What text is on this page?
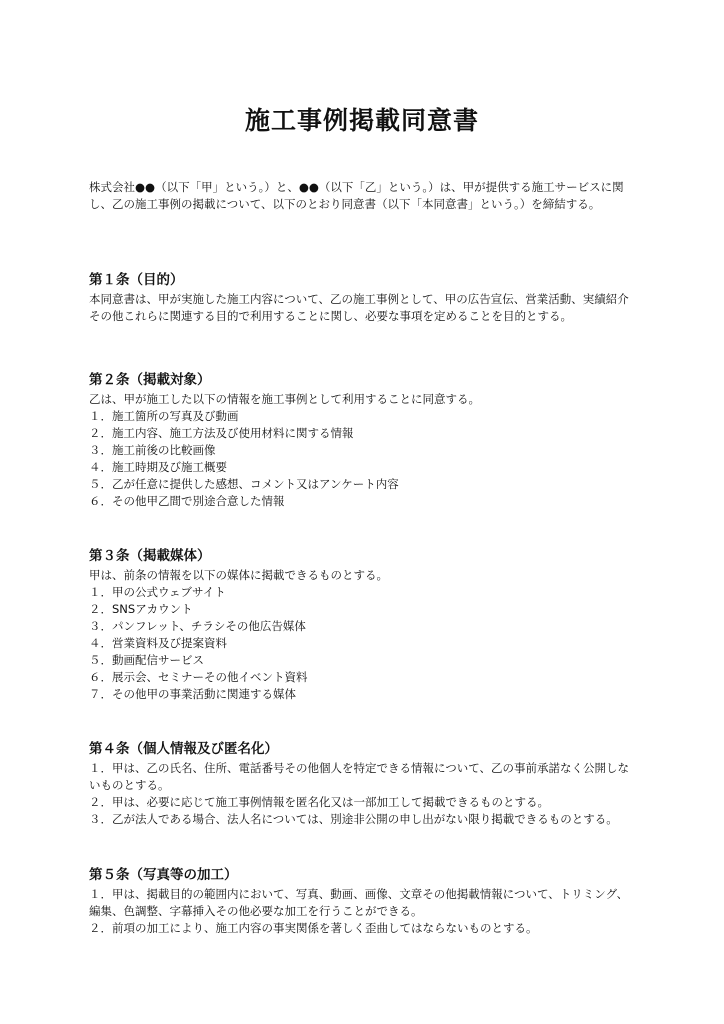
施工事例掲載同意書

株式会社●●（以下「甲」という。）と、●●（以下「乙」という。）は、甲が提供する施工サービスに関し、乙の施工事例の掲載について、以下のとおり同意書（以下「本同意書」という。）を締結する。

第１条（目的）

本同意書は、甲が実施した施工内容について、乙の施工事例として、甲の広告宣伝、営業活動、実績紹介その他これらに関連する目的で利用することに関し、必要な事項を定めることを目的とする。

第２条（掲載対象）

乙は、甲が施工した以下の情報を施工事例として利用することに同意する。

１．施工箇所の写真及び動画

２．施工内容、施工方法及び使用材料に関する情報

３．施工前後の比較画像

４．施工時期及び施工概要

５．乙が任意に提供した感想、コメント又はアンケート内容

６．その他甲乙間で別途合意した情報

第３条（掲載媒体）

甲は、前条の情報を以下の媒体に掲載できるものとする。

１．甲の公式ウェブサイト

２．SNSアカウント

３．パンフレット、チラシその他広告媒体

４．営業資料及び提案資料

５．動画配信サービス

６．展示会、セミナーその他イベント資料

７．その他甲の事業活動に関連する媒体

第４条（個人情報及び匿名化）

１．甲は、乙の氏名、住所、電話番号その他個人を特定できる情報について、乙の事前承諾なく公開しないものとする。

２．甲は、必要に応じて施工事例情報を匿名化又は一部加工して掲載できるものとする。

３．乙が法人である場合、法人名については、別途非公開の申し出がない限り掲載できるものとする。

第５条（写真等の加工）

１．甲は、掲載目的の範囲内において、写真、動画、画像、文章その他掲載情報について、トリミング、編集、色調整、字幕挿入その他必要な加工を行うことができる。

２．前項の加工により、施工内容の事実関係を著しく歪曲してはならないものとする。
